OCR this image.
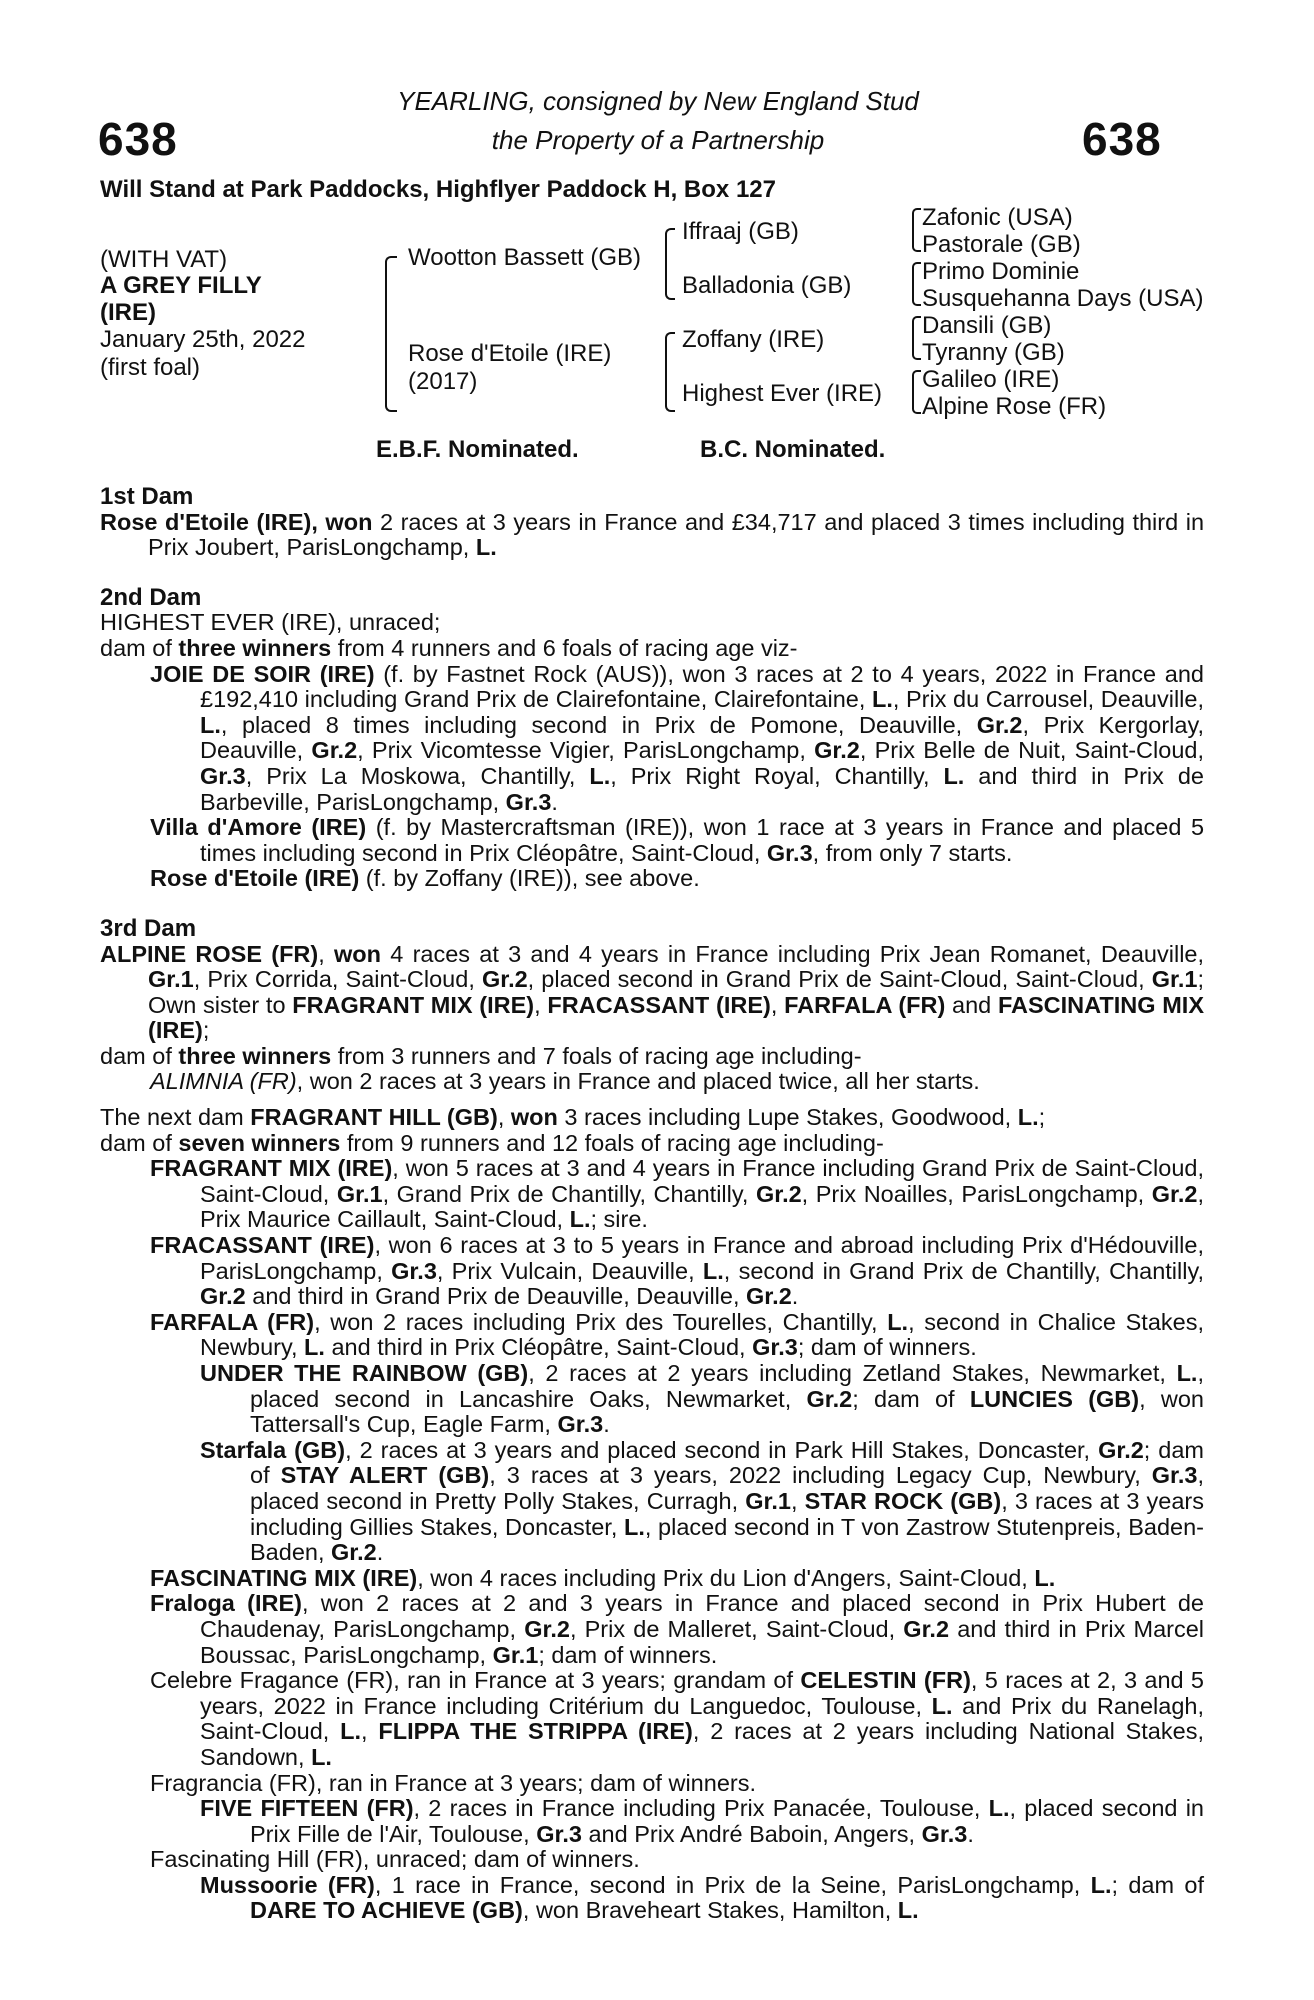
638	638
YEARLING, consigned by New England Stud
the Property of a Partnership
Will Stand at Park Paddocks, Highflyer Paddock H, Box 127
(WITH VAT)
A GREY FILLY
(IRE)
January 25th, 2022
(first foal)
Wootton Bassett (GB)
Rose d'Etoile (IRE)
(2017)
Iffraaj (GB)
Balladonia (GB)
Zoffany (IRE)
Highest Ever (IRE)
Zafonic (USA)
Pastorale (GB)
Primo Dominie
Susquehanna Days (USA)
Dansili (GB)
Tyranny (GB)
Galileo (IRE)
Alpine Rose (FR)
E.B.F. Nominated.	B.C. Nominated.

1st Dam

Rose d'Etoile (IRE), won 2 races at 3 years in France and £34,717 and placed 3 times including third in Prix Joubert, ParisLongchamp, L.

2nd Dam

HIGHEST EVER (IRE), unraced;

dam of three winners from 4 runners and 6 foals of racing age viz-

JOIE DE SOIR (IRE) (f. by Fastnet Rock (AUS)), won 3 races at 2 to 4 years, 2022 in France and £192,410 including Grand Prix de Clairefontaine, Clairefontaine, L., Prix du Carrousel, Deauville, L., placed 8 times including second in Prix de Pomone, Deauville, Gr.2, Prix Kergorlay, Deauville, Gr.2, Prix Vicomtesse Vigier, ParisLongchamp, Gr.2, Prix Belle de Nuit, Saint-Cloud, Gr.3, Prix La Moskowa, Chantilly, L., Prix Right Royal, Chantilly, L. and third in Prix de Barbeville, ParisLongchamp, Gr.3.

Villa d'Amore (IRE) (f. by Mastercraftsman (IRE)), won 1 race at 3 years in France and placed 5 times including second in Prix Cléopâtre, Saint-Cloud, Gr.3, from only 7 starts.

Rose d'Etoile (IRE) (f. by Zoffany (IRE)), see above.

3rd Dam

ALPINE ROSE (FR), won 4 races at 3 and 4 years in France including Prix Jean Romanet, Deauville, Gr.1, Prix Corrida, Saint-Cloud, Gr.2, placed second in Grand Prix de Saint-Cloud, Saint-Cloud, Gr.1; Own sister to FRAGRANT MIX (IRE), FRACASSANT (IRE), FARFALA (FR) and FASCINATING MIX (IRE);

dam of three winners from 3 runners and 7 foals of racing age including-

ALIMNIA (FR), won 2 races at 3 years in France and placed twice, all her starts.

The next dam FRAGRANT HILL (GB), won 3 races including Lupe Stakes, Goodwood, L.;

dam of seven winners from 9 runners and 12 foals of racing age including-

FRAGRANT MIX (IRE), won 5 races at 3 and 4 years in France including Grand Prix de Saint-Cloud, Saint-Cloud, Gr.1, Grand Prix de Chantilly, Chantilly, Gr.2, Prix Noailles, ParisLongchamp, Gr.2, Prix Maurice Caillault, Saint-Cloud, L.; sire.

FRACASSANT (IRE), won 6 races at 3 to 5 years in France and abroad including Prix d'Hédouville, ParisLongchamp, Gr.3, Prix Vulcain, Deauville, L., second in Grand Prix de Chantilly, Chantilly, Gr.2 and third in Grand Prix de Deauville, Deauville, Gr.2.

FARFALA (FR), won 2 races including Prix des Tourelles, Chantilly, L., second in Chalice Stakes, Newbury, L. and third in Prix Cléopâtre, Saint-Cloud, Gr.3; dam of winners.

UNDER THE RAINBOW (GB), 2 races at 2 years including Zetland Stakes, Newmarket, L., placed second in Lancashire Oaks, Newmarket, Gr.2; dam of LUNCIES (GB), won Tattersall's Cup, Eagle Farm, Gr.3.

Starfala (GB), 2 races at 3 years and placed second in Park Hill Stakes, Doncaster, Gr.2; dam of STAY ALERT (GB), 3 races at 3 years, 2022 including Legacy Cup, Newbury, Gr.3, placed second in Pretty Polly Stakes, Curragh, Gr.1, STAR ROCK (GB), 3 races at 3 years including Gillies Stakes, Doncaster, L., placed second in T von Zastrow Stutenpreis, Baden-Baden, Gr.2.

FASCINATING MIX (IRE), won 4 races including Prix du Lion d'Angers, Saint-Cloud, L.

Fraloga (IRE), won 2 races at 2 and 3 years in France and placed second in Prix Hubert de Chaudenay, ParisLongchamp, Gr.2, Prix de Malleret, Saint-Cloud, Gr.2 and third in Prix Marcel Boussac, ParisLongchamp, Gr.1; dam of winners.

Celebre Fragance (FR), ran in France at 3 years; grandam of CELESTIN (FR), 5 races at 2, 3 and 5 years, 2022 in France including Critérium du Languedoc, Toulouse, L. and Prix du Ranelagh, Saint-Cloud, L., FLIPPA THE STRIPPA (IRE), 2 races at 2 years including National Stakes, Sandown, L.

Fragrancia (FR), ran in France at 3 years; dam of winners.

FIVE FIFTEEN (FR), 2 races in France including Prix Panacée, Toulouse, L., placed second in Prix Fille de l'Air, Toulouse, Gr.3 and Prix André Baboin, Angers, Gr.3.

Fascinating Hill (FR), unraced; dam of winners.

Mussoorie (FR), 1 race in France, second in Prix de la Seine, ParisLongchamp, L.; dam of DARE TO ACHIEVE (GB), won Braveheart Stakes, Hamilton, L.
